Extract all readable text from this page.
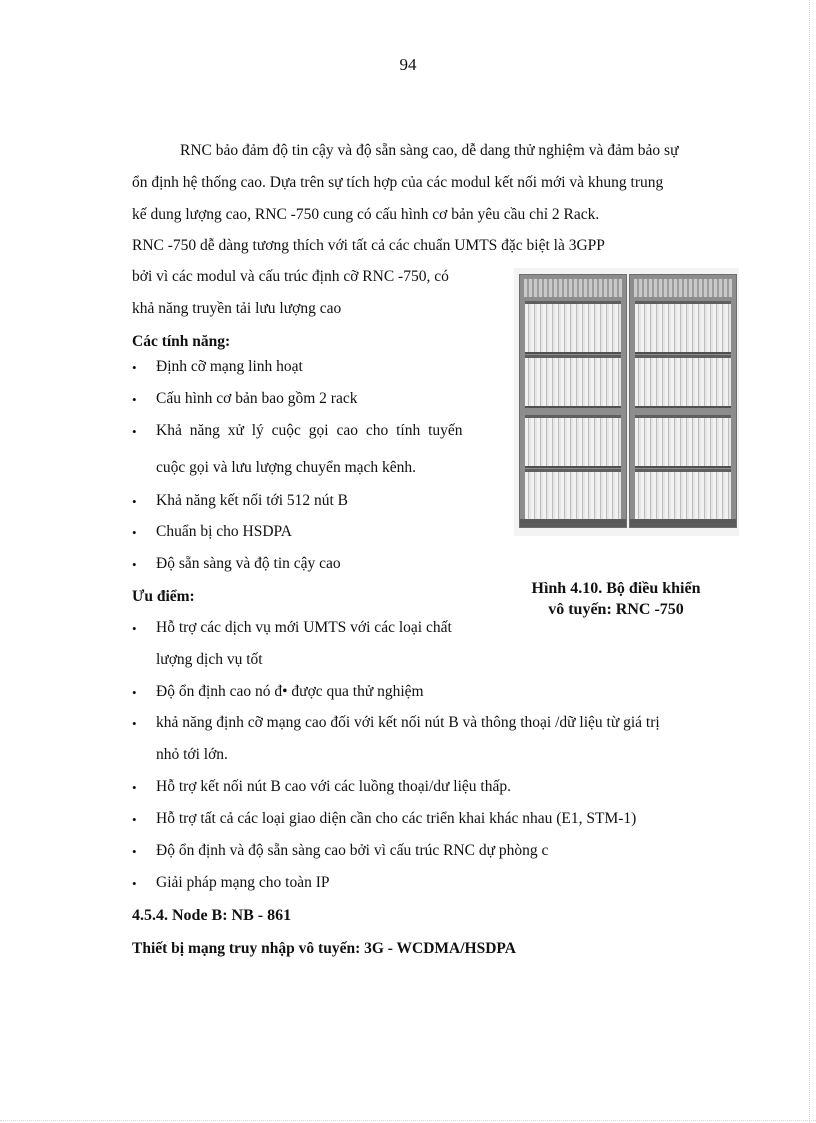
94
RNC bảo đảm độ tin cậy và độ sẵn sàng cao, dễ dang thử nghiệm và đảm bảo sự
ổn định hệ thống cao. Dựa trên sự tích hợp của các modul kết nối mới và khung trung
kế dung lượng cao, RNC -750 cung có cấu hình cơ bản yêu cầu chỉ 2 Rack.
RNC -750 dễ dàng tương thích với tất cả các chuẩn UMTS đặc biệt là 3GPP
bởi vì các modul và cấu trúc định cỡ RNC -750, có
khả năng truyền tải lưu lượng cao
Các tính năng:
• Định cỡ mạng linh hoạt
• Cấu hình cơ bản bao gồm 2 rack
• Khả năng xử lý cuộc gọi cao cho tính tuyến
cuộc gọi và lưu lượng chuyển mạch kênh.
• Khả năng kết nối tới 512 nút B
• Chuẩn bị cho HSDPA
• Độ sẵn sàng và độ tin cậy cao
Ưu điểm:
• Hỗ trợ các dịch vụ mới UMTS với các loại chất
lượng dịch vụ tốt
• Độ ổn định cao nó đ• được qua thử nghiệm
• khả năng định cỡ mạng cao đối với kết nối nút B và thông thoại /dữ liệu từ giá trị
nhỏ tới lớn.
• Hỗ trợ kết nối nút B cao với các luồng thoại/dư liệu thấp.
• Hỗ trợ tất cả các loại giao diện cần cho các triển khai khác nhau (E1, STM-1)
• Độ ổn định và độ sẵn sàng cao bởi vì cấu trúc RNC dự phòng c
• Giải pháp mạng cho toàn IP
4.5.4. Node B: NB - 861
Thiết bị mạng truy nhập vô tuyến: 3G - WCDMA/HSDPA
Hình 4.10. Bộ điều khiển
vô tuyến: RNC -750
